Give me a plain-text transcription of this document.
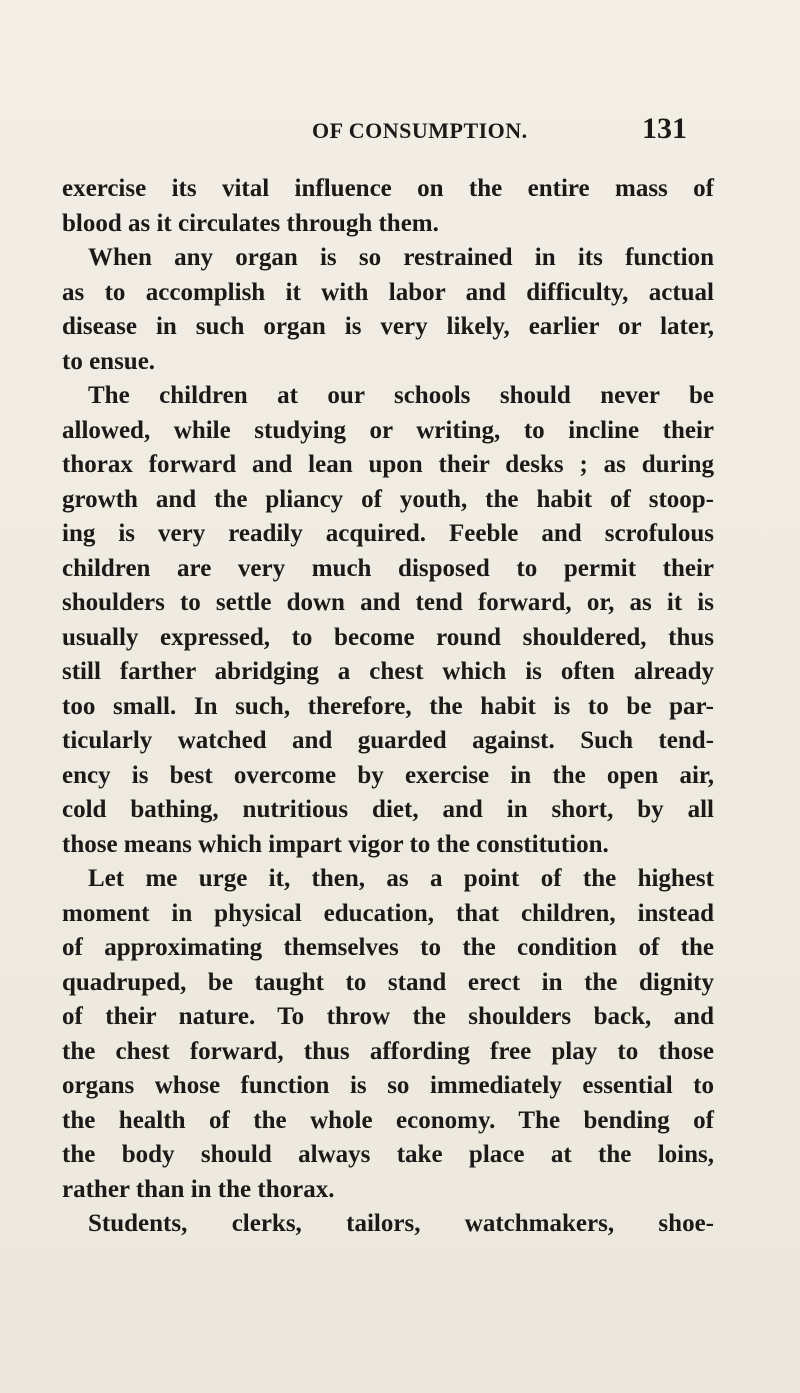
OF CONSUMPTION.	131
exercise its vital influence on the entire mass of
blood as it circulates through them.
When any organ is so restrained in its function
as to accomplish it with labor and difficulty, actual
disease in such organ is very likely, earlier or later,
to ensue.
The children at our schools should never be
allowed, while studying or writing, to incline their
thorax forward and lean upon their desks ; as during
growth and the pliancy of youth, the habit of stoop-
ing is very readily acquired. Feeble and scrofulous
children are very much disposed to permit their
shoulders to settle down and tend forward, or, as it is
usually expressed, to become round shouldered, thus
still farther abridging a chest which is often already
too small. In such, therefore, the habit is to be par-
ticularly watched and guarded against. Such tend-
ency is best overcome by exercise in the open air,
cold bathing, nutritious diet, and in short, by all
those means which impart vigor to the constitution.
Let me urge it, then, as a point of the highest
moment in physical education, that children, instead
of approximating themselves to the condition of the
quadruped, be taught to stand erect in the dignity
of their nature. To throw the shoulders back, and
the chest forward, thus affording free play to those
organs whose function is so immediately essential to
the health of the whole economy. The bending of
the body should always take place at the loins,
rather than in the thorax.
Students, clerks, tailors, watchmakers, shoe-
